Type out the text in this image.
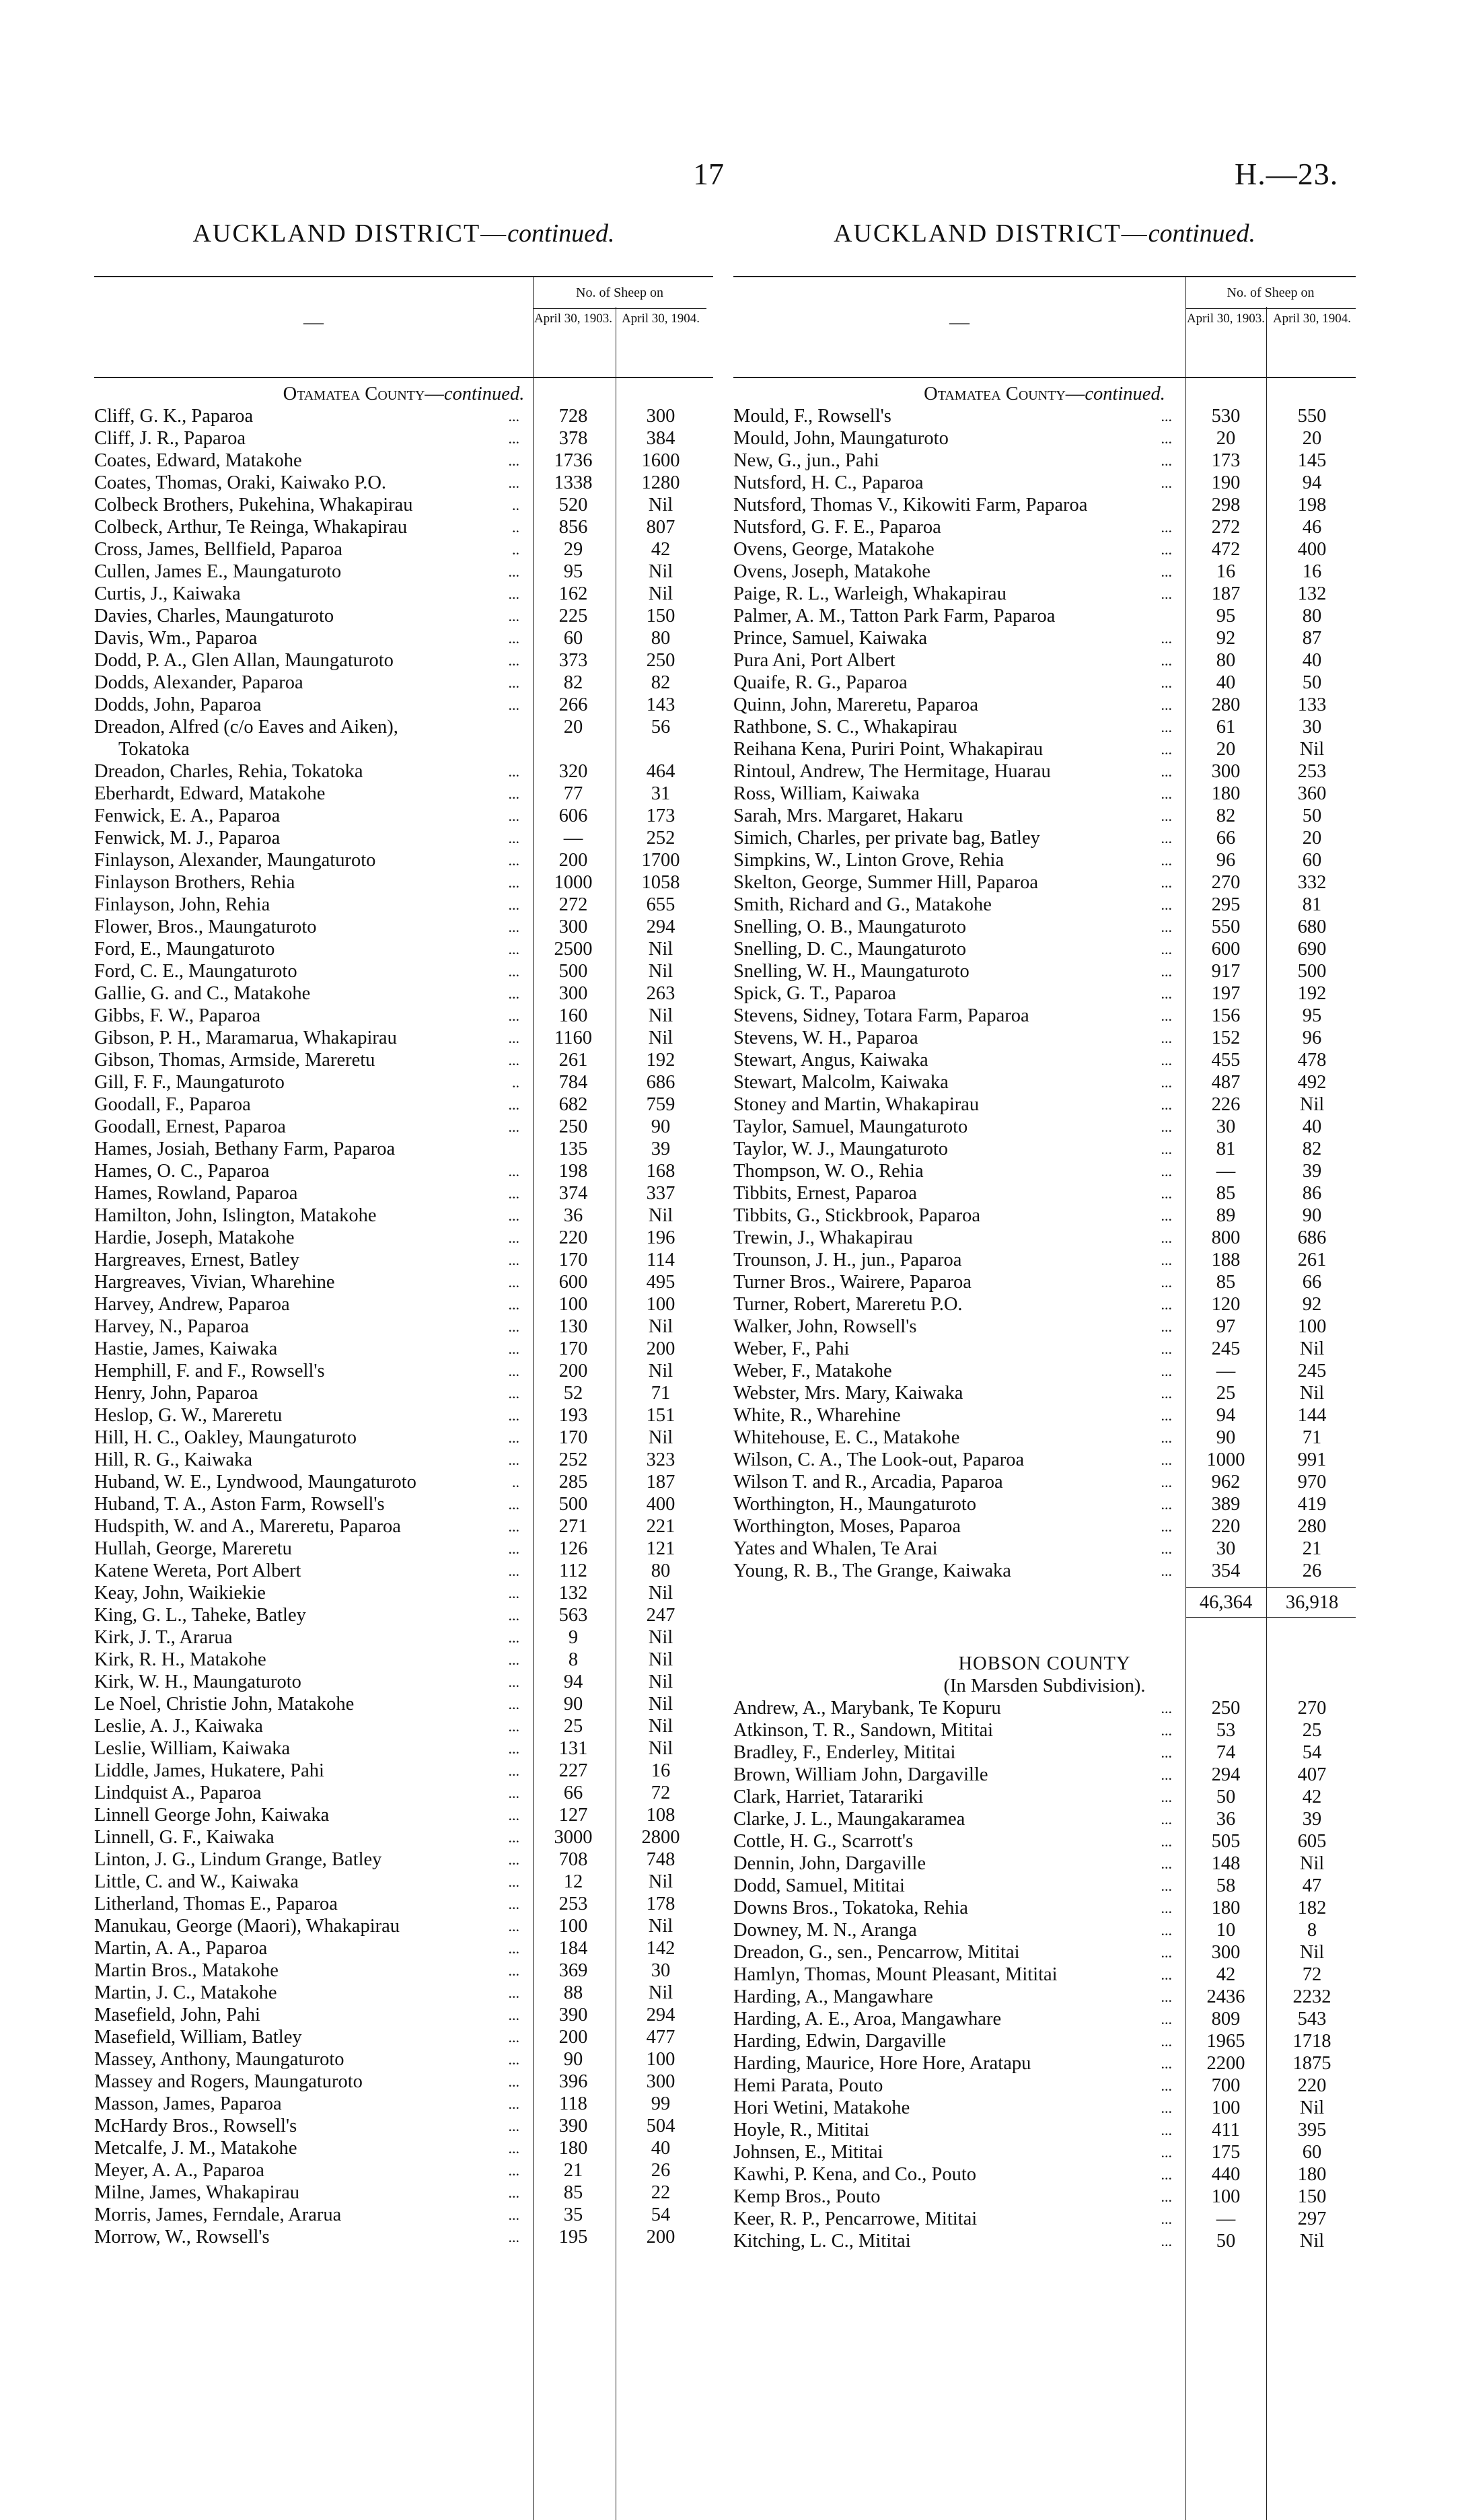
17	H.—23.
AUCKLAND DISTRICT—continued.
—
No. of Sheep on
April 30, 1903. April 30, 1904.
Otamatea County—continued.
Cliff, G. K., Paparoa	...	728	300
Cliff, J. R., Paparoa	...	378	384
Coates, Edward, Matakohe	...	1736	1600
Coates, Thomas, Oraki, Kaiwako P.O.	...	1338	1280
Colbeck Brothers, Pukehina, Whakapirau	..	520	Nil
Colbeck, Arthur, Te Reinga, Whakapirau	..	856	807
Cross, James, Bellfield, Paparoa	..	29	42
Cullen, James E., Maungaturoto	...	95	Nil
Curtis, J., Kaiwaka	...	162	Nil
Davies, Charles, Maungaturoto	...	225	150
Davis, Wm., Paparoa	...	60	80
Dodd, P. A., Glen Allan, Maungaturoto	...	373	250
Dodds, Alexander, Paparoa	...	82	82
Dodds, John, Paparoa	...	266	143
Dreadon, Alfred (c/o Eaves and Aiken),	20	56
Tokatoka
Dreadon, Charles, Rehia, Tokatoka	...	320	464
Eberhardt, Edward, Matakohe	...	77	31
Fenwick, E. A., Paparoa	...	606	173
Fenwick, M. J., Paparoa	...	—	252
Finlayson, Alexander, Maungaturoto	...	200	1700
Finlayson Brothers, Rehia	...	1000	1058
Finlayson, John, Rehia	...	272	655
Flower, Bros., Maungaturoto	...	300	294
Ford, E., Maungaturoto	...	2500	Nil
Ford, C. E., Maungaturoto	...	500	Nil
Gallie, G. and C., Matakohe	...	300	263
Gibbs, F. W., Paparoa	...	160	Nil
Gibson, P. H., Maramarua, Whakapirau	...	1160	Nil
Gibson, Thomas, Armside, Mareretu	...	261	192
Gill, F. F., Maungaturoto	..	784	686
Goodall, F., Paparoa	...	682	759
Goodall, Ernest, Paparoa	...	250	90
Hames, Josiah, Bethany Farm, Paparoa	135	39
Hames, O. C., Paparoa	...	198	168
Hames, Rowland, Paparoa	...	374	337
Hamilton, John, Islington, Matakohe	...	36	Nil
Hardie, Joseph, Matakohe	...	220	196
Hargreaves, Ernest, Batley	...	170	114
Hargreaves, Vivian, Wharehine	...	600	495
Harvey, Andrew, Paparoa	...	100	100
Harvey, N., Paparoa	...	130	Nil
Hastie, James, Kaiwaka	...	170	200
Hemphill, F. and F., Rowsell's	...	200	Nil
Henry, John, Paparoa	...	52	71
Heslop, G. W., Mareretu	...	193	151
Hill, H. C., Oakley, Maungaturoto	...	170	Nil
Hill, R. G., Kaiwaka	...	252	323
Huband, W. E., Lyndwood, Maungaturoto	..	285	187
Huband, T. A., Aston Farm, Rowsell's	...	500	400
Hudspith, W. and A., Mareretu, Paparoa	...	271	221
Hullah, George, Mareretu	...	126	121
Katene Wereta, Port Albert	...	112	80
Keay, John, Waikiekie	...	132	Nil
King, G. L., Taheke, Batley	...	563	247
Kirk, J. T., Ararua	...	9	Nil
Kirk, R. H., Matakohe	...	8	Nil
Kirk, W. H., Maungaturoto	...	94	Nil
Le Noel, Christie John, Matakohe	...	90	Nil
Leslie, A. J., Kaiwaka	...	25	Nil
Leslie, William, Kaiwaka	...	131	Nil
Liddle, James, Hukatere, Pahi	...	227	16
Lindquist A., Paparoa	...	66	72
Linnell George John, Kaiwaka	...	127	108
Linnell, G. F., Kaiwaka	...	3000	2800
Linton, J. G., Lindum Grange, Batley	...	708	748
Little, C. and W., Kaiwaka	...	12	Nil
Litherland, Thomas E., Paparoa	...	253	178
Manukau, George (Maori), Whakapirau	...	100	Nil
Martin, A. A., Paparoa	...	184	142
Martin Bros., Matakohe	...	369	30
Martin, J. C., Matakohe	...	88	Nil
Masefield, John, Pahi	...	390	294
Masefield, William, Batley	...	200	477
Massey, Anthony, Maungaturoto	...	90	100
Massey and Rogers, Maungaturoto	...	396	300
Masson, James, Paparoa	...	118	99
McHardy Bros., Rowsell's	...	390	504
Metcalfe, J. M., Matakohe	...	180	40
Meyer, A. A., Paparoa	...	21	26
Milne, James, Whakapirau	...	85	22
Morris, James, Ferndale, Ararua	...	35	54
Morrow, W., Rowsell's	...	195	200
AUCKLAND DISTRICT—continued.
—
No. of Sheep on
April 30, 1903. April 30, 1904.
Otamatea County—continued.
Mould, F., Rowsell's	...	530	550
Mould, John, Maungaturoto	...	20	20
New, G., jun., Pahi	...	173	145
Nutsford, H. C., Paparoa	...	190	94
Nutsford, Thomas V., Kikowiti Farm, Paparoa	298	198
Nutsford, G. F. E., Paparoa	...	272	46
Ovens, George, Matakohe	...	472	400
Ovens, Joseph, Matakohe	...	16	16
Paige, R. L., Warleigh, Whakapirau	...	187	132
Palmer, A. M., Tatton Park Farm, Paparoa	95	80
Prince, Samuel, Kaiwaka	...	92	87
Pura Ani, Port Albert	...	80	40
Quaife, R. G., Paparoa	...	40	50
Quinn, John, Mareretu, Paparoa	...	280	133
Rathbone, S. C., Whakapirau	...	61	30
Reihana Kena, Puriri Point, Whakapirau	...	20	Nil
Rintoul, Andrew, The Hermitage, Huarau	...	300	253
Ross, William, Kaiwaka	...	180	360
Sarah, Mrs. Margaret, Hakaru	...	82	50
Simich, Charles, per private bag, Batley	...	66	20
Simpkins, W., Linton Grove, Rehia	...	96	60
Skelton, George, Summer Hill, Paparoa	...	270	332
Smith, Richard and G., Matakohe	...	295	81
Snelling, O. B., Maungaturoto	...	550	680
Snelling, D. C., Maungaturoto	...	600	690
Snelling, W. H., Maungaturoto	...	917	500
Spick, G. T., Paparoa	...	197	192
Stevens, Sidney, Totara Farm, Paparoa	...	156	95
Stevens, W. H., Paparoa	...	152	96
Stewart, Angus, Kaiwaka	...	455	478
Stewart, Malcolm, Kaiwaka	...	487	492
Stoney and Martin, Whakapirau	...	226	Nil
Taylor, Samuel, Maungaturoto	...	30	40
Taylor, W. J., Maungaturoto	...	81	82
Thompson, W. O., Rehia	...	—	39
Tibbits, Ernest, Paparoa	...	85	86
Tibbits, G., Stickbrook, Paparoa	...	89	90
Trewin, J., Whakapirau	...	800	686
Trounson, J. H., jun., Paparoa	...	188	261
Turner Bros., Wairere, Paparoa	...	85	66
Turner, Robert, Mareretu P.O.	...	120	92
Walker, John, Rowsell's	...	97	100
Weber, F., Pahi	...	245	Nil
Weber, F., Matakohe	...	—	245
Webster, Mrs. Mary, Kaiwaka	...	25	Nil
White, R., Wharehine	...	94	144
Whitehouse, E. C., Matakohe	...	90	71
Wilson, C. A., The Look-out, Paparoa	...	1000	991
Wilson T. and R., Arcadia, Paparoa	...	962	970
Worthington, H., Maungaturoto	...	389	419
Worthington, Moses, Paparoa	...	220	280
Yates and Whalen, Te Arai	...	30	21
Young, R. B., The Grange, Kaiwaka	...	354	26
46,364	36,918
HOBSON COUNTY
(In Marsden Subdivision).
Andrew, A., Marybank, Te Kopuru	...	250	270
Atkinson, T. R., Sandown, Mititai	...	53	25
Bradley, F., Enderley, Mititai	...	74	54
Brown, William John, Dargaville	...	294	407
Clark, Harriet, Tatarariki	...	50	42
Clarke, J. L., Maungakaramea	...	36	39
Cottle, H. G., Scarrott's	...	505	605
Dennin, John, Dargaville	...	148	Nil
Dodd, Samuel, Mititai	...	58	47
Downs Bros., Tokatoka, Rehia	...	180	182
Downey, M. N., Aranga	...	10	8
Dreadon, G., sen., Pencarrow, Mititai	...	300	Nil
Hamlyn, Thomas, Mount Pleasant, Mititai	...	42	72
Harding, A., Mangawhare	...	2436	2232
Harding, A. E., Aroa, Mangawhare	...	809	543
Harding, Edwin, Dargaville	...	1965	1718
Harding, Maurice, Hore Hore, Aratapu	...	2200	1875
Hemi Parata, Pouto	...	700	220
Hori Wetini, Matakohe	...	100	Nil
Hoyle, R., Mititai	...	411	395
Johnsen, E., Mititai	...	175	60
Kawhi, P. Kena, and Co., Pouto	...	440	180
Kemp Bros., Pouto	...	100	150
Keer, R. P., Pencarrowe, Mititai	...	—	297
Kitching, L. C., Mititai	...	50	Nil
